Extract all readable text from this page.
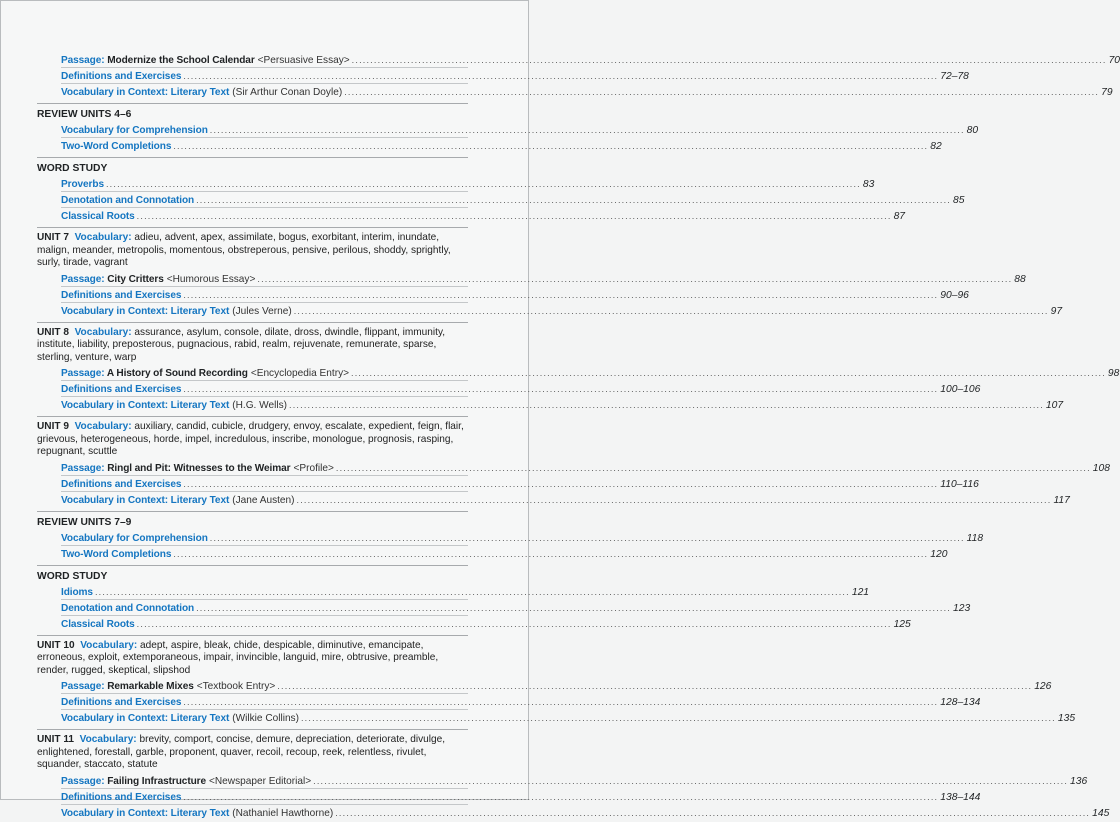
Passage: Modernize the School Calendar <Persuasive Essay> .....	70
Definitions and Exercises .....	72–78
Vocabulary in Context: Literary Text (Sir Arthur Conan Doyle) .....	79
REVIEW UNITS 4–6
Vocabulary for Comprehension .....	80
Two-Word Completions .....	82
WORD STUDY
Proverbs .....	83
Denotation and Connotation .....	85
Classical Roots .....	87
UNIT 7 Vocabulary: adieu, advent, apex, assimilate, bogus, exorbitant, interim, inundate, malign, meander, metropolis, momentous, obstreperous, pensive, perilous, shoddy, sprightly, surly, tirade, vagrant
Passage: City Critters <Humorous Essay> .....	88
Definitions and Exercises .....	90–96
Vocabulary in Context: Literary Text (Jules Verne) .....	97
UNIT 8 Vocabulary: assurance, asylum, console, dilate, dross, dwindle, flippant, immunity, institute, liability, preposterous, pugnacious, rabid, realm, rejuvenate, remunerate, sparse, sterling, venture, warp
Passage: A History of Sound Recording <Encyclopedia Entry> .....	98
Definitions and Exercises .....	100–106
Vocabulary in Context: Literary Text (H.G. Wells) .....	107
UNIT 9 Vocabulary: auxiliary, candid, cubicle, drudgery, envoy, escalate, expedient, feign, flair, grievous, heterogeneous, horde, impel, incredulous, inscribe, monologue, prognosis, rasping, repugnant, scuttle
Passage: Ringl and Pit: Witnesses to the Weimar <Profile> .....	108
Definitions and Exercises .....	110–116
Vocabulary in Context: Literary Text (Jane Austen) .....	117
REVIEW UNITS 7–9
Vocabulary for Comprehension .....	118
Two-Word Completions .....	120
WORD STUDY
Idioms .....	121
Denotation and Connotation .....	123
Classical Roots .....	125
UNIT 10 Vocabulary: adept, aspire, bleak, chide, despicable, diminutive, emancipate, erroneous, exploit, extemporaneous, impair, invincible, languid, mire, obtrusive, preamble, render, rugged, skeptical, slipshod
Passage: Remarkable Mixes <Textbook Entry> .....	126
Definitions and Exercises .....	128–134
Vocabulary in Context: Literary Text (Wilkie Collins) .....	135
UNIT 11 Vocabulary: brevity, comport, concise, demure, depreciation, deteriorate, divulge, enlightened, forestall, garble, proponent, quaver, recoil, recoup, reek, relentless, rivulet, squander, staccato, statute
Passage: Failing Infrastructure <Newspaper Editorial> .....	136
Definitions and Exercises .....	138–144
Vocabulary in Context: Literary Text (Nathaniel Hawthorne) .....	145
